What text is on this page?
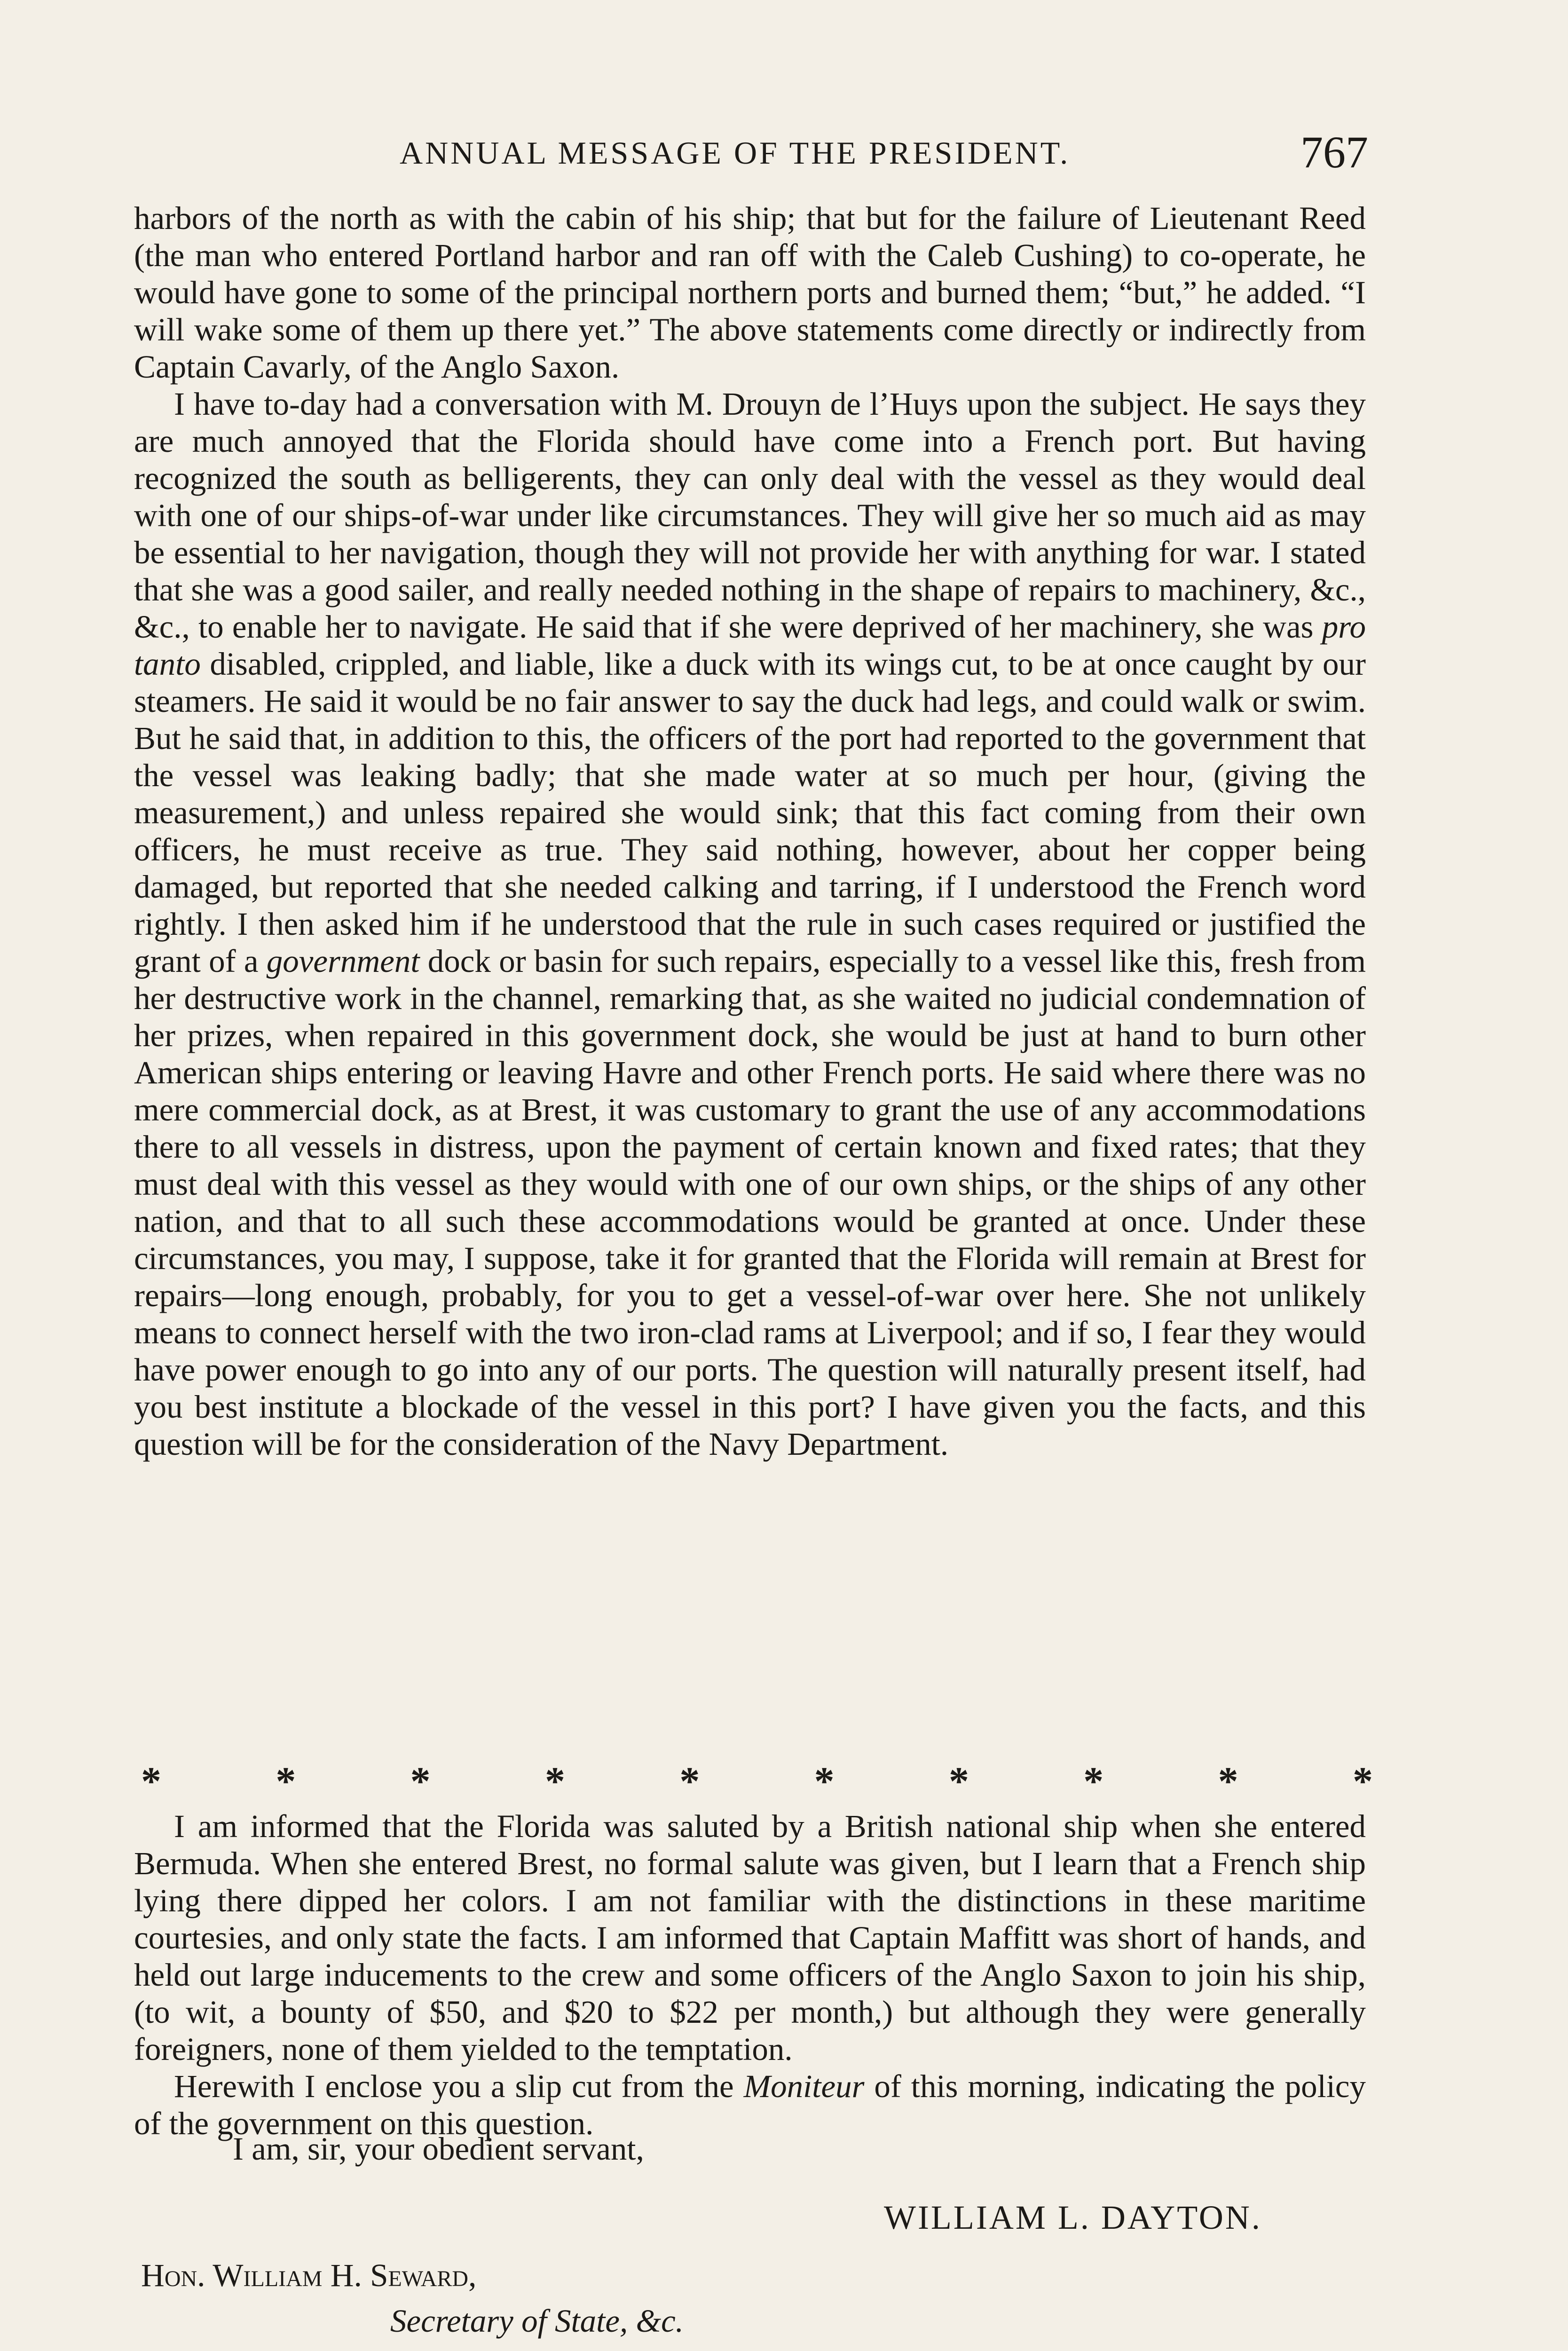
ANNUAL MESSAGE OF THE PRESIDENT.	767

harbors of the north as with the cabin of his ship; that but for the failure of Lieutenant Reed (the man who entered Portland harbor and ran off with the Caleb Cushing) to co-operate, he would have gone to some of the principal northern ports and burned them; “but,” he added. “I will wake some of them up there yet.” The above statements come directly or indirectly from Captain Cavarly, of the Anglo Saxon.

I have to-day had a conversation with M. Drouyn de l’Huys upon the subject. He says they are much annoyed that the Florida should have come into a French port. But having recognized the south as belligerents, they can only deal with the vessel as they would deal with one of our ships-of-war under like circumstances. They will give her so much aid as may be essential to her navigation, though they will not provide her with anything for war. I stated that she was a good sailer, and really needed nothing in the shape of repairs to machinery, &c., &c., to enable her to navigate. He said that if she were deprived of her machinery, she was pro tanto disabled, crippled, and liable, like a duck with its wings cut, to be at once caught by our steamers. He said it would be no fair answer to say the duck had legs, and could walk or swim. But he said that, in addition to this, the officers of the port had reported to the government that the vessel was leaking badly; that she made water at so much per hour, (giving the measurement,) and unless repaired she would sink; that this fact coming from their own officers, he must receive as true. They said nothing, however, about her copper being damaged, but reported that she needed calking and tarring, if I understood the French word rightly. I then asked him if he understood that the rule in such cases required or justified the grant of a government dock or basin for such repairs, especially to a vessel like this, fresh from her destructive work in the channel, remarking that, as she waited no judicial condemnation of her prizes, when repaired in this government dock, she would be just at hand to burn other American ships entering or leaving Havre and other French ports. He said where there was no mere commercial dock, as at Brest, it was customary to grant the use of any accommodations there to all vessels in distress, upon the payment of certain known and fixed rates; that they must deal with this vessel as they would with one of our own ships, or the ships of any other nation, and that to all such these accommodations would be granted at once. Under these circumstances, you may, I suppose, take it for granted that the Florida will remain at Brest for repairs—long enough, probably, for you to get a vessel-of-war over here. She not unlikely means to connect herself with the two iron-clad rams at Liverpool; and if so, I fear they would have power enough to go into any of our ports. The question will naturally present itself, had you best institute a blockade of the vessel in this port? I have given you the facts, and this question will be for the consideration of the Navy Department.

*	*	*	*	*	*	*	*	*	*

I am informed that the Florida was saluted by a British national ship when she entered Bermuda. When she entered Brest, no formal salute was given, but I learn that a French ship lying there dipped her colors. I am not familiar with the distinctions in these maritime courtesies, and only state the facts. I am informed that Captain Maffitt was short of hands, and held out large inducements to the crew and some officers of the Anglo Saxon to join his ship, (to wit, a bounty of $50, and $20 to $22 per month,) but although they were generally foreigners, none of them yielded to the temptation.

Herewith I enclose you a slip cut from the Moniteur of this morning, indicating the policy of the government on this question.

I am, sir, your obedient servant,
WILLIAM L. DAYTON.
Hon. William H. Seward,
Secretary of State, &c.
